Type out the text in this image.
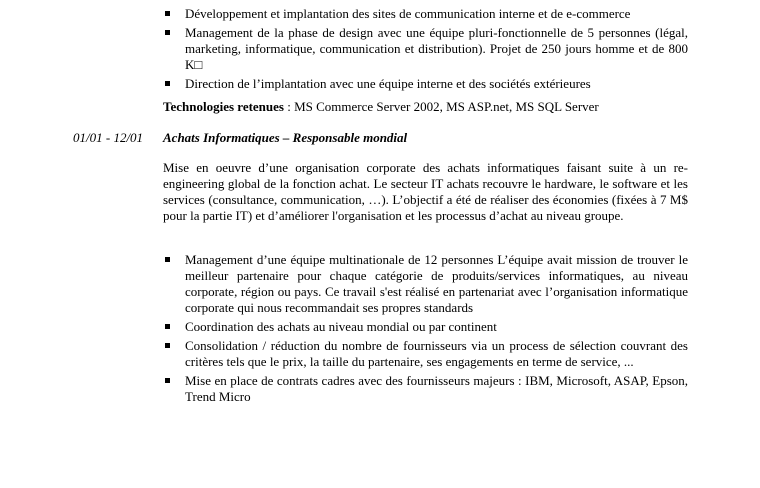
Développement et implantation des sites de communication interne et de e-commerce
Management de la phase de design avec une équipe pluri-fonctionnelle de 5 personnes (légal, marketing, informatique, communication et distribution). Projet de 250 jours homme et de 800 K□
Direction de l’implantation avec une équipe interne et des sociétés extérieures
Technologies retenues : MS Commerce Server 2002, MS ASP.net, MS SQL Server
01/01 - 12/01 Achats Informatiques – Responsable mondial

Mise en oeuvre d’une organisation corporate des achats informatiques faisant suite à un re-engineering global de la fonction achat. Le secteur IT achats recouvre le hardware, le software et les services (consultance, communication, …). L’objectif a été de réaliser des économies (fixées à 7 M$ pour la partie IT) et d’améliorer l'organisation et les processus d’achat au niveau groupe.

Management d’une équipe multinationale de 12 personnes L’équipe avait mission de trouver le meilleur partenaire pour chaque catégorie de produits/services informatiques, au niveau corporate, région ou pays. Ce travail s'est réalisé en partenariat avec l’organisation informatique corporate qui nous recommandait ses propres standards
Coordination des achats au niveau mondial ou par continent
Consolidation / réduction du nombre de fournisseurs via un process de sélection couvrant des critères tels que le prix, la taille du partenaire, ses engagements en terme de service, ...
Mise en place de contrats cadres avec des fournisseurs majeurs : IBM, Microsoft, ASAP, Epson, Trend Micro
